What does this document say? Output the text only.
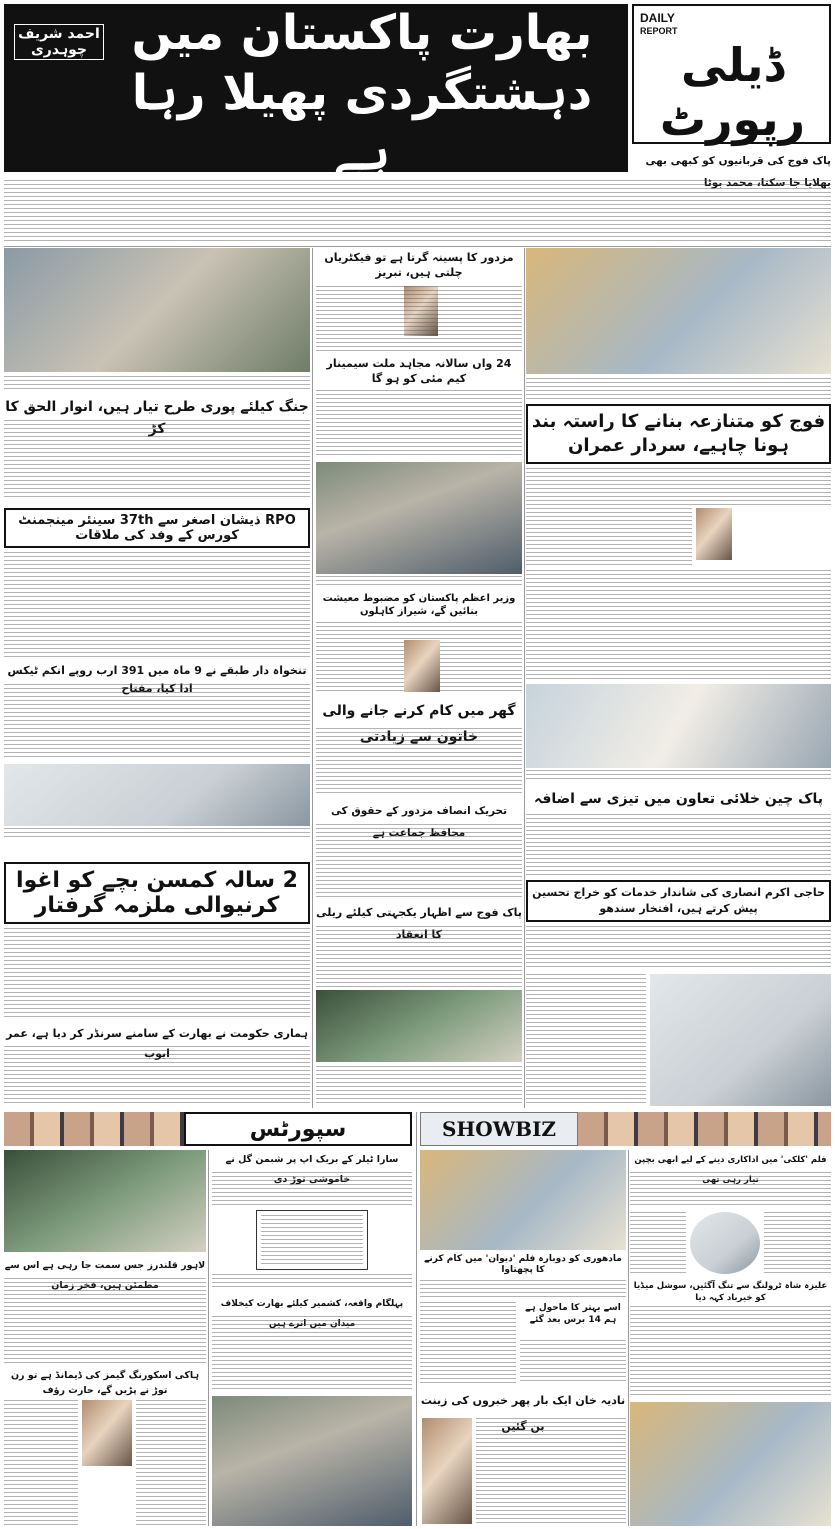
DAILY
REPORT
ڈیلی رپورٹ
پاک فوج کی قربانیوں کو کبھی بھی بھلایا جا سکتا، محمد بوٹا
بھارت پاکستان میں دہشتگردی پھیلا رہا ہے
احمد شریف چوہدری
جنگ کیلئے پوری طرح تیار ہیں، انوار الحق کا کڑ
RPO ذیشان اصغر سے 37th سینئر مینجمنٹ کورس کے وفد کی ملاقات
تنخواہ دار طبقے نے 9 ماہ میں 391 ارب روپے انکم ٹیکس ادا کیا، مفتاح
2 سالہ کمسن بچے کو اغوا کرنیوالی ملزمہ گرفتار
ہماری حکومت نے بھارت کے سامنے سرنڈر کر دیا ہے، عمر ایوب
مزدور کا پسینہ گرتا ہے تو فیکٹریاں چلتی ہیں، تبریز
24 واں سالانہ مجاہد ملت سیمینار کیم مئی کو ہو گا
وزیر اعظم پاکستان کو مضبوط معیشت بنائیں گے، شیراز کاہلوں
گھر میں کام کرنے جانے والی خاتون سے زیادتی
تحریک انصاف مزدور کے حقوق کی محافظ جماعت ہے
پاک فوج سے اظہار یکجہتی کیلئے ریلی کا انعقاد
فوج کو متنازعہ بنانے کا راستہ بند ہونا چاہیے، سردار عمران
پاک چین خلائی تعاون میں تیزی سے اضافہ
حاجی اکرم انصاری کی شاندار خدمات کو خراج تحسین پیش کرتے ہیں، افتخار سندھو
سپورٹس	SHOWBIZ
لاہور قلندرز جس سمت جا رہی ہے اس سے مطمئن ہیں، فخر زمان
ہاکی اسکورنگ گیمز کی ڈیمانڈ ہے تو رن توڑ نے پڑیں گے، حارث رؤف
سارا ٹیلر کے بریک اپ پر شبمن گل نے خاموشی توڑ دی
پہلگام واقعہ، کشمیر کیلئے بھارت کیخلاف میدان میں اترے ہیں
مادھوری کو دوبارہ فلم 'دیوان' میں کام کرنے کا پچھتاوا
اسے بہتر کا ماحول ہے ہم 14 برس بعد گئے
نادیہ خان ایک بار پھر خبروں کی زینت بن گئیں
فلم 'کلکی' میں اداکاری دینے کے لیے ابھی بچپن تیار رہی تھی
علیزہ شاہ ٹرولنگ سے تنگ آگئیں، سوشل میڈیا کو خیرباد کہہ دیا
